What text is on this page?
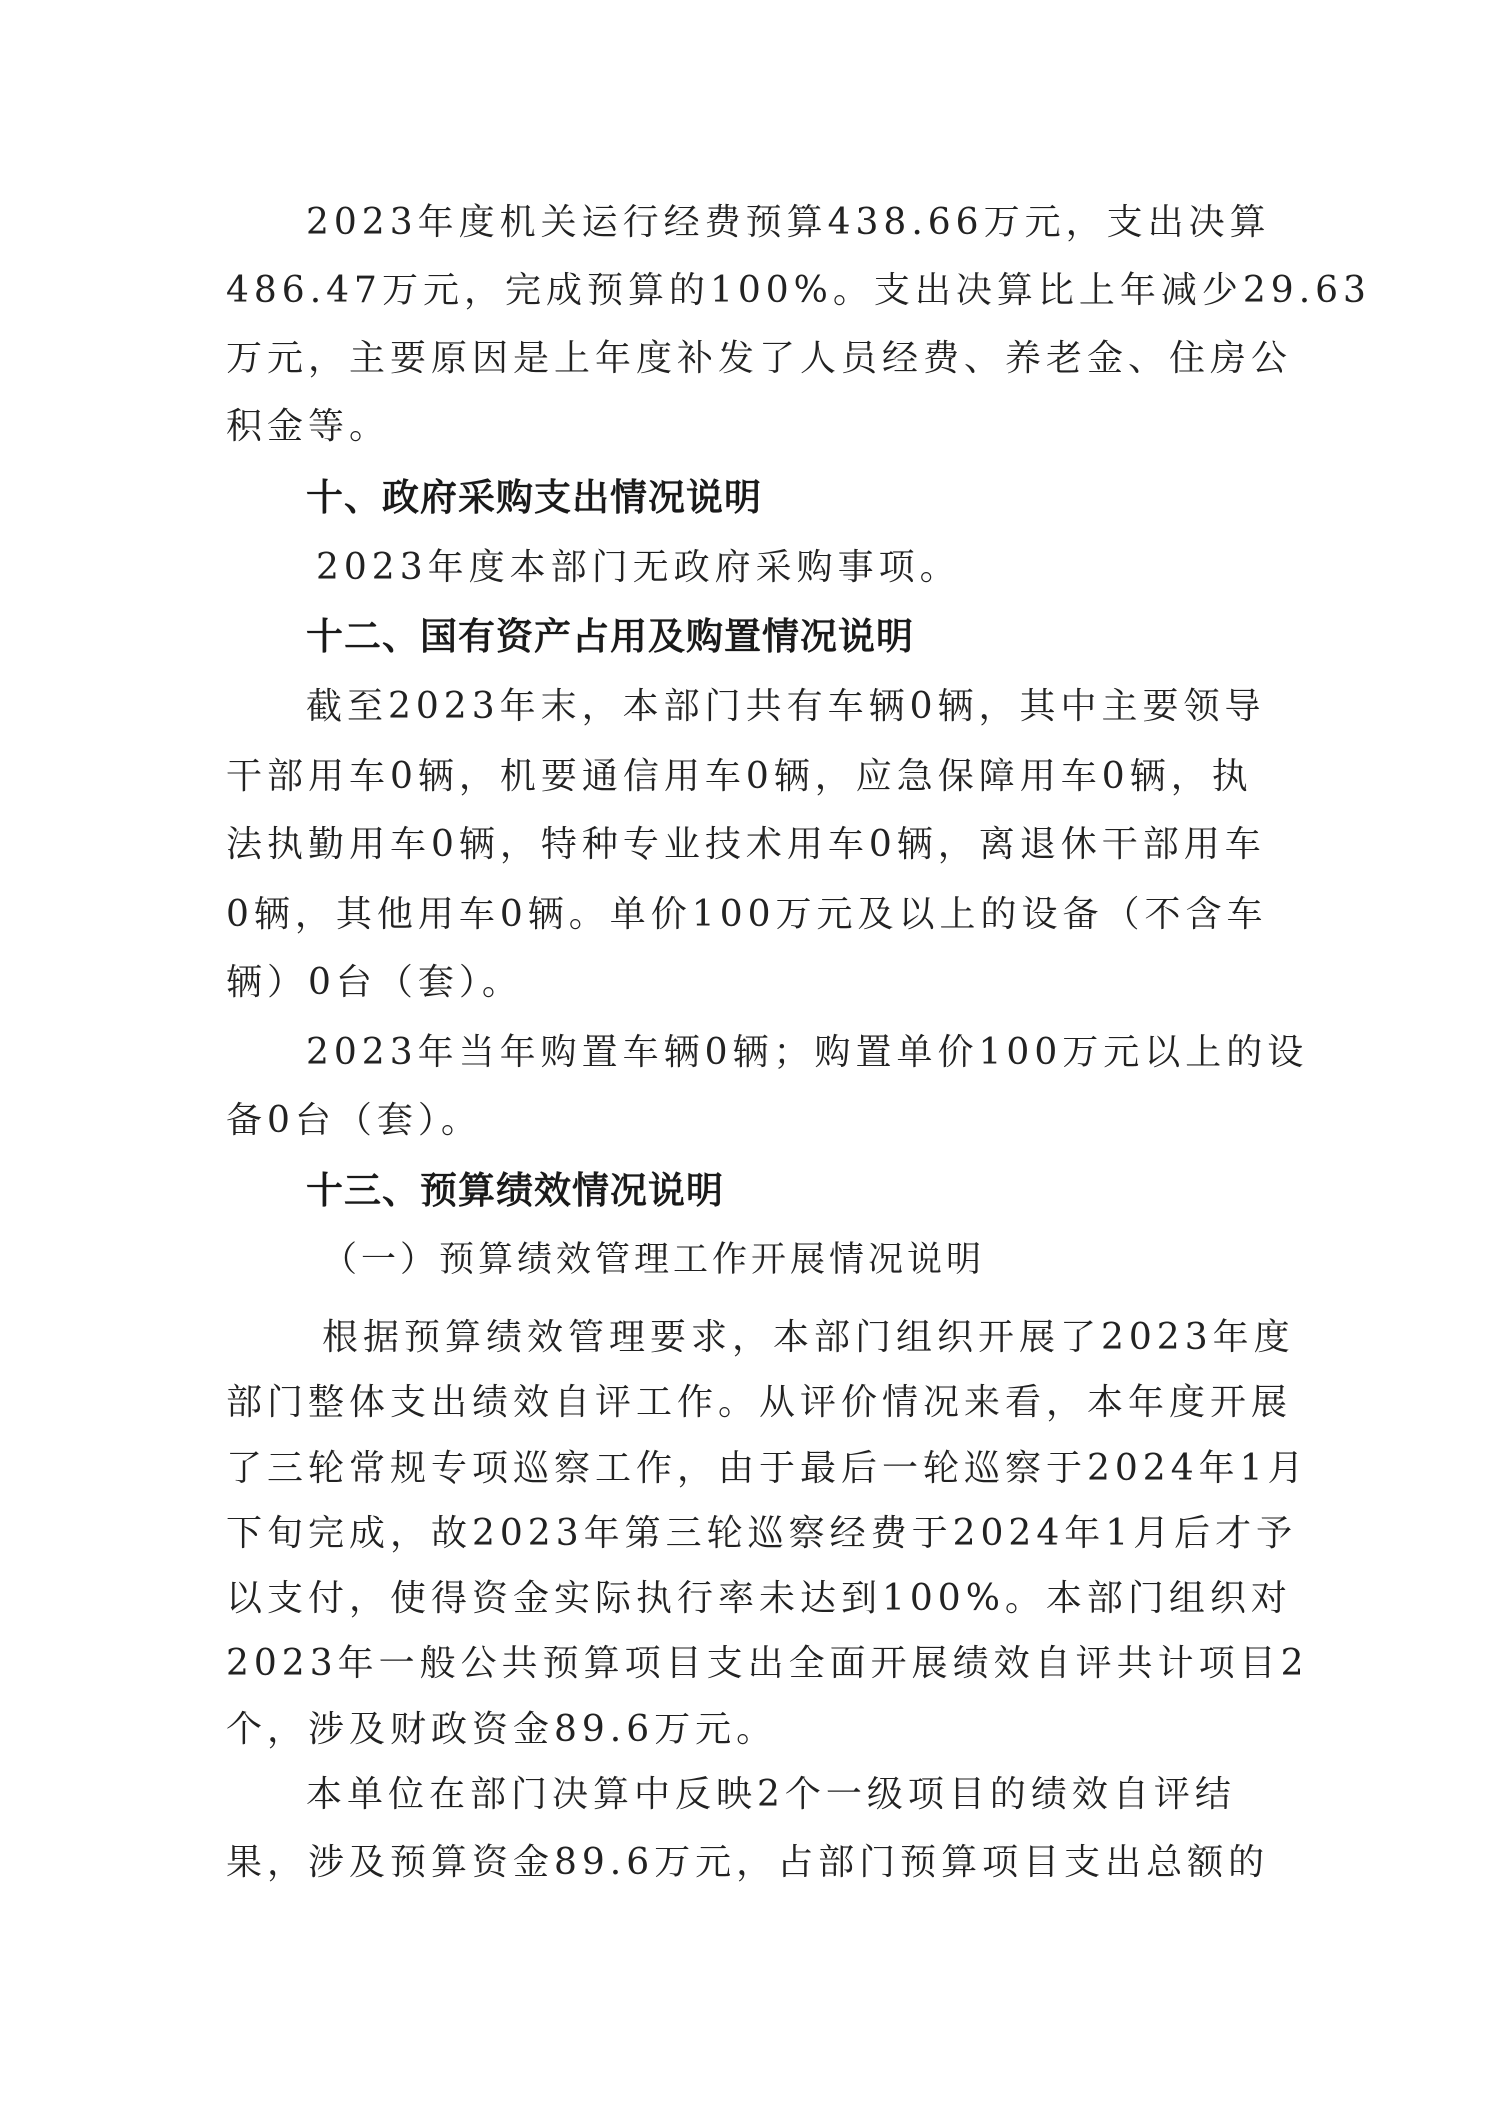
2023年度机关运行经费预算438.66万元，支出决算
486.47万元，完成预算的100%。支出决算比上年减少29.63
万元，主要原因是上年度补发了人员经费、养老金、住房公
积金等。
十、政府采购支出情况说明
2023年度本部门无政府采购事项。
十二、国有资产占用及购置情况说明
截至2023年末，本部门共有车辆0辆，其中主要领导
干部用车0辆，机要通信用车0辆，应急保障用车0辆，执
法执勤用车0辆，特种专业技术用车0辆，离退休干部用车
0辆，其他用车0辆。单价100万元及以上的设备（不含车
辆）0台（套）。
2023年当年购置车辆0辆；购置单价100万元以上的设
备0台（套）。
十三、预算绩效情况说明
（一）预算绩效管理工作开展情况说明
根据预算绩效管理要求，本部门组织开展了2023年度
部门整体支出绩效自评工作。从评价情况来看，本年度开展
了三轮常规专项巡察工作，由于最后一轮巡察于2024年1月
下旬完成，故2023年第三轮巡察经费于2024年1月后才予
以支付，使得资金实际执行率未达到100%。本部门组织对
2023年一般公共预算项目支出全面开展绩效自评共计项目2
个，涉及财政资金89.6万元。
本单位在部门决算中反映2个一级项目的绩效自评结
果，涉及预算资金89.6万元，占部门预算项目支出总额的
